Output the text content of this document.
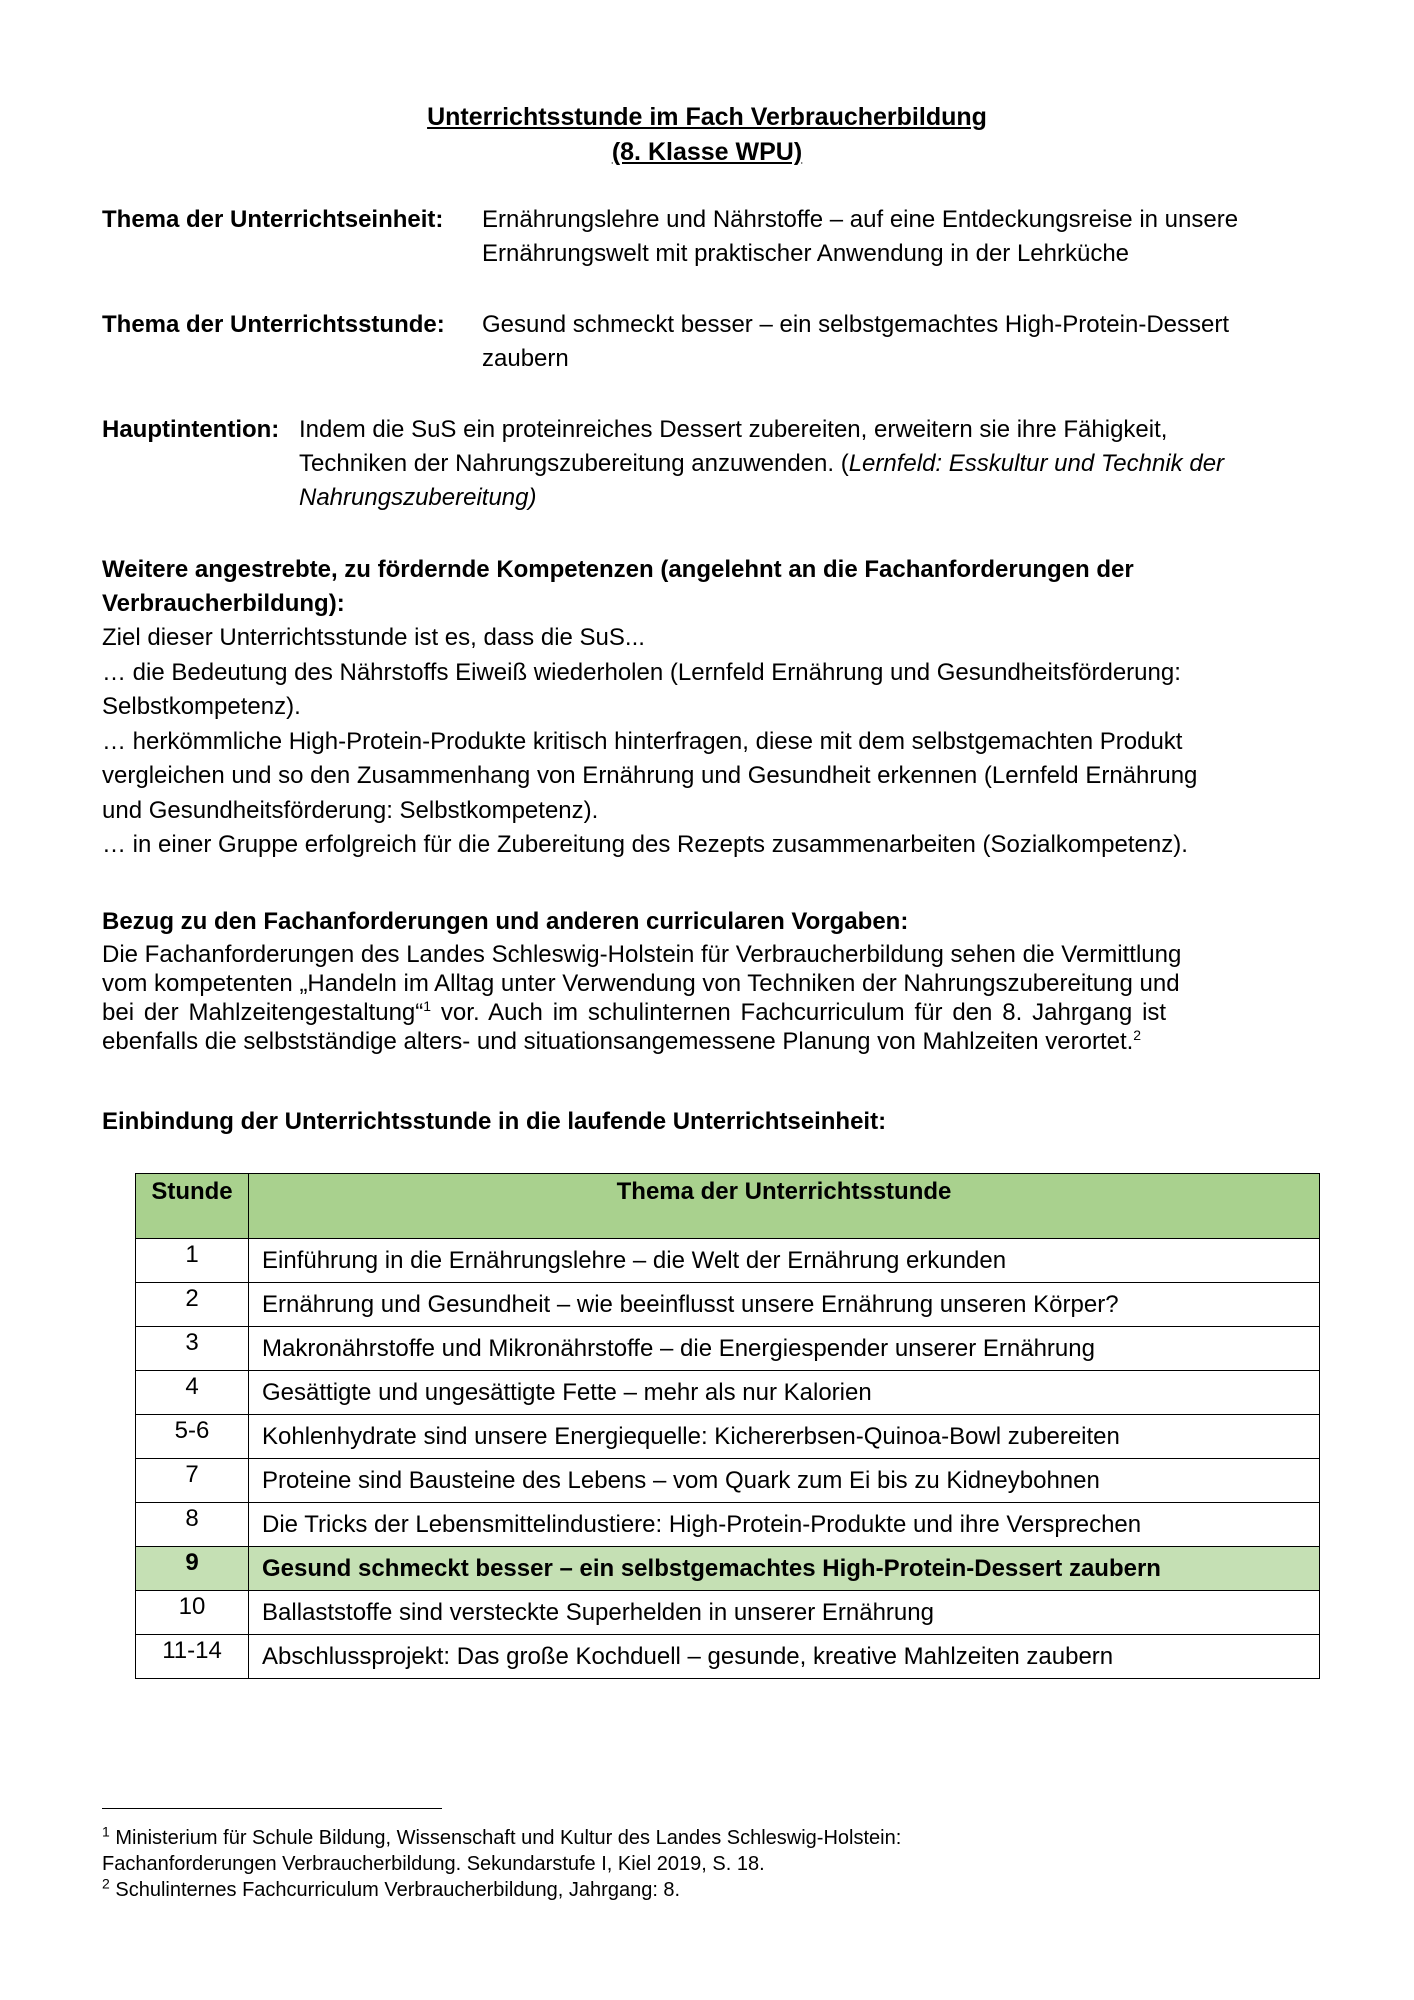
Unterrichtsstunde im Fach Verbraucherbildung
(8. Klasse WPU)
Thema der Unterrichtseinheit: Ernährungslehre und Nährstoffe – auf eine Entdeckungsreise in unsere
Ernährungswelt mit praktischer Anwendung in der Lehrküche
Thema der Unterrichtsstunde: Gesund schmeckt besser – ein selbstgemachtes High-Protein-Dessert
zaubern
Hauptintention: Indem die SuS ein proteinreiches Dessert zubereiten, erweitern sie ihre Fähigkeit,
Techniken der Nahrungszubereitung anzuwenden. (Lernfeld: Esskultur und Technik der
Nahrungszubereitung)
Weitere angestrebte, zu fördernde Kompetenzen (angelehnt an die Fachanforderungen der
Verbraucherbildung):
Ziel dieser Unterrichtsstunde ist es, dass die SuS...
… die Bedeutung des Nährstoffs Eiweiß wiederholen (Lernfeld Ernährung und Gesundheitsförderung:
Selbstkompetenz).
… herkömmliche High-Protein-Produkte kritisch hinterfragen, diese mit dem selbstgemachten Produkt
vergleichen und so den Zusammenhang von Ernährung und Gesundheit erkennen (Lernfeld Ernährung
und Gesundheitsförderung: Selbstkompetenz).
… in einer Gruppe erfolgreich für die Zubereitung des Rezepts zusammenarbeiten (Sozialkompetenz).
Bezug zu den Fachanforderungen und anderen curricularen Vorgaben:
Die Fachanforderungen des Landes Schleswig-Holstein für Verbraucherbildung sehen die Vermittlung
vom kompetenten „Handeln im Alltag unter Verwendung von Techniken der Nahrungszubereitung und
bei der Mahlzeitengestaltung“$^1$ vor. Auch im schulinternen Fachcurriculum für den 8. Jahrgang ist
ebenfalls die selbstständige alters- und situationsangemessene Planung von Mahlzeiten verortet.$^2$
Einbindung der Unterrichtsstunde in die laufende Unterrichtseinheit:
Stunde	Thema der Unterrichtsstunde
1	Einführung in die Ernährungslehre – die Welt der Ernährung erkunden
2	Ernährung und Gesundheit – wie beeinflusst unsere Ernährung unseren Körper?
3	Makronährstoffe und Mikronährstoffe – die Energiespender unserer Ernährung
4	Gesättigte und ungesättigte Fette – mehr als nur Kalorien
5-6	Kohlenhydrate sind unsere Energiequelle: Kichererbsen-Quinoa-Bowl zubereiten
7	Proteine sind Bausteine des Lebens – vom Quark zum Ei bis zu Kidneybohnen
8	Die Tricks der Lebensmittelindustiere: High-Protein-Produkte und ihre Versprechen
9	Gesund schmeckt besser – ein selbstgemachtes High-Protein-Dessert zaubern
10	Ballaststoffe sind versteckte Superhelden in unserer Ernährung
11-14	Abschlussprojekt: Das große Kochduell – gesunde, kreative Mahlzeiten zaubern
$^1$ Ministerium für Schule Bildung, Wissenschaft und Kultur des Landes Schleswig-Holstein:
Fachanforderungen Verbraucherbildung. Sekundarstufe I, Kiel 2019, S. 18.
$^2$ Schulinternes Fachcurriculum Verbraucherbildung, Jahrgang: 8.
